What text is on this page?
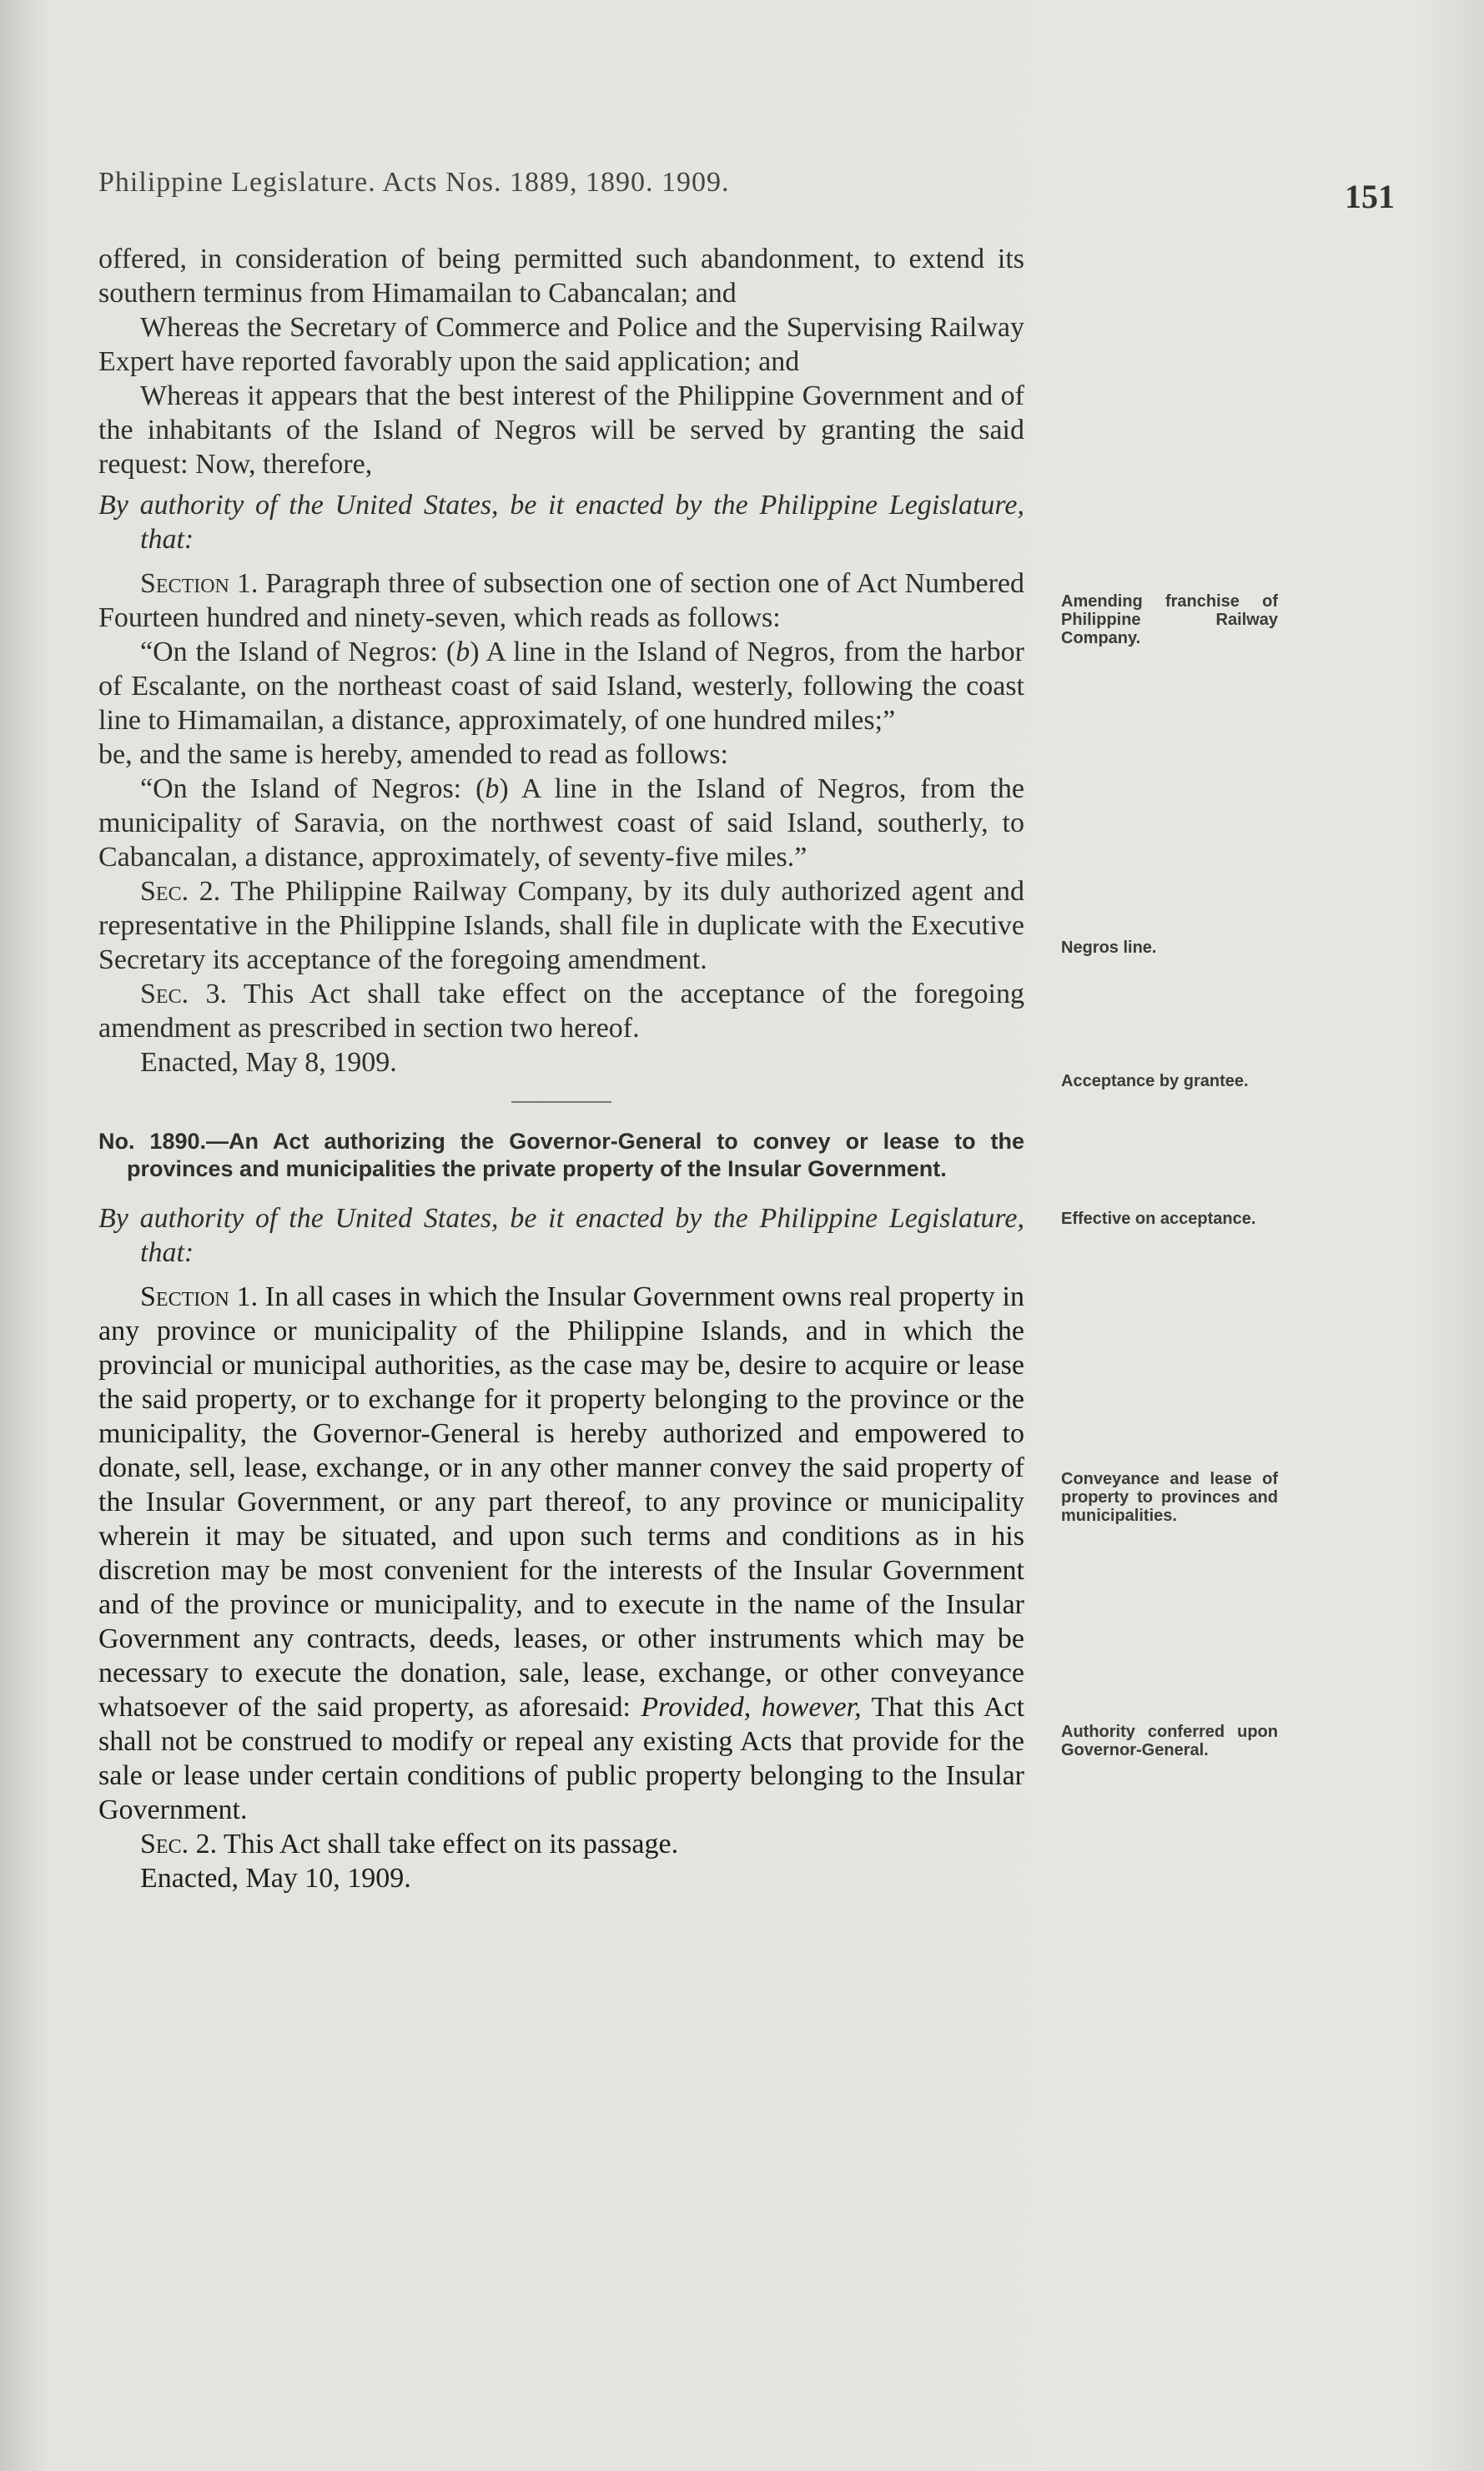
Philippine Legislature. Acts Nos. 1889, 1890. 1909.	151

offered, in consideration of being permitted such abandonment, to extend its southern terminus from Himamailan to Cabancalan; and

Whereas the Secretary of Commerce and Police and the Supervising Railway Expert have reported favorably upon the said application; and

Whereas it appears that the best interest of the Philippine Government and of the inhabitants of the Island of Negros will be served by granting the said request: Now, therefore,

By authority of the United States, be it enacted by the Philippine Legislature, that:

Section 1. Paragraph three of subsection one of section one of Act Numbered Fourteen hundred and ninety-seven, which reads as follows:

“On the Island of Negros: (b) A line in the Island of Negros, from the harbor of Escalante, on the northeast coast of said Island, westerly, following the coast line to Himamailan, a distance, approximately, of one hundred miles;”

be, and the same is hereby, amended to read as follows:

“On the Island of Negros: (b) A line in the Island of Negros, from the municipality of Saravia, on the northwest coast of said Island, southerly, to Cabancalan, a distance, approximately, of seventy-five miles.”

Sec. 2. The Philippine Railway Company, by its duly authorized agent and representative in the Philippine Islands, shall file in duplicate with the Executive Secretary its acceptance of the foregoing amendment.

Sec. 3. This Act shall take effect on the acceptance of the foregoing amendment as prescribed in section two hereof.

Enacted, May 8, 1909.

No. 1890.—An Act authorizing the Governor-General to convey or lease to the provinces and municipalities the private property of the Insular Government.

By authority of the United States, be it enacted by the Philippine Legislature, that:

Section 1. In all cases in which the Insular Government owns real property in any province or municipality of the Philippine Islands, and in which the provincial or municipal authorities, as the case may be, desire to acquire or lease the said property, or to exchange for it property belonging to the province or the municipality, the Governor-General is hereby authorized and empowered to donate, sell, lease, exchange, or in any other manner convey the said property of the Insular Government, or any part thereof, to any province or municipality wherein it may be situated, and upon such terms and conditions as in his discretion may be most convenient for the interests of the Insular Government and of the province or municipality, and to execute in the name of the Insular Government any contracts, deeds, leases, or other instruments which may be necessary to execute the donation, sale, lease, exchange, or other conveyance whatsoever of the said property, as aforesaid: Provided, however, That this Act shall not be construed to modify or repeal any existing Acts that provide for the sale or lease under certain conditions of public property belonging to the Insular Government.

Sec. 2. This Act shall take effect on its passage.

Enacted, May 10, 1909.

Amending franchise of Philippine Railway Company.
Negros line.
Acceptance by grantee.
Effective on acceptance.
Conveyance and lease of property to provinces and municipalities.
Authority conferred upon Governor-General.
